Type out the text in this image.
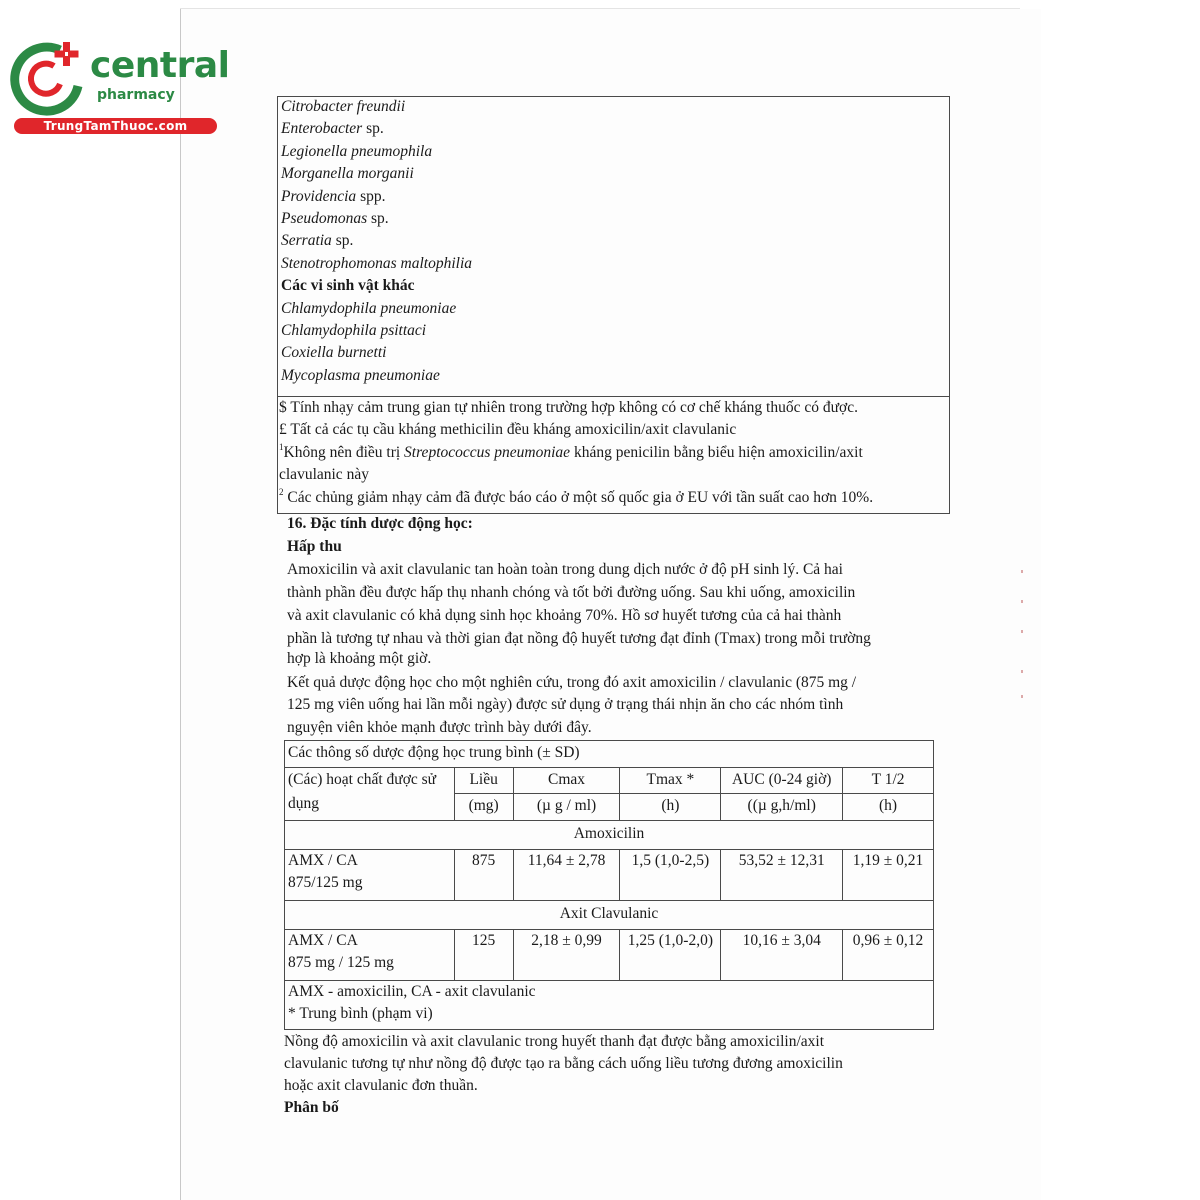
central
pharmacy
TrungTamThuoc.com
Citrobacter freundii
Enterobacter sp.
Legionella pneumophila
Morganella morganii
Providencia spp.
Pseudomonas sp.
Serratia sp.
Stenotrophomonas maltophilia
Các vi sinh vật khác
Chlamydophila pneumoniae
Chlamydophila psittaci
Coxiella burnetti
Mycoplasma pneumoniae
$ Tính nhạy cảm trung gian tự nhiên trong trường hợp không có cơ chế kháng thuốc có được.
£ Tất cả các tụ cầu kháng methicilin đều kháng amoxicilin/axit clavulanic
$^1$Không nên điều trị Streptococcus pneumoniae kháng penicilin bằng biểu hiện amoxicilin/axit
clavulanic này
$^2$ Các chủng giảm nhạy cảm đã được báo cáo ở một số quốc gia ở EU với tần suất cao hơn 10%.
16. Đặc tính dược động học:
Hấp thu
Amoxicilin và axit clavulanic tan hoàn toàn trong dung dịch nước ở độ pH sinh lý. Cả hai
thành phần đều được hấp thụ nhanh chóng và tốt bởi đường uống. Sau khi uống, amoxicilin
và axit clavulanic có khả dụng sinh học khoảng 70%. Hồ sơ huyết tương của cả hai thành
phần là tương tự nhau và thời gian đạt nồng độ huyết tương đạt đỉnh (Tmax) trong mỗi trường
hợp là khoảng một giờ.
Kết quả dược động học cho một nghiên cứu, trong đó axit amoxicilin / clavulanic (875 mg /
125 mg viên uống hai lần mỗi ngày) được sử dụng ở trạng thái nhịn ăn cho các nhóm tình
nguyện viên khỏe mạnh được trình bày dưới đây.
Các thông số dược động học trung bình (± SD)					
(Các) hoạt chất được sử dụng	Liều	Cmax	Tmax *	AUC (0-24 giờ)	T 1/2
	(mg)	(µ g / ml)	(h)	((µ g,h/ml)	(h)
Amoxicilin					

AMX / CA
875/125 mg	875	11,64 ± 2,78	1,5 (1,0-2,5)	53,52 ± 12,31	1,19 ± 0,21
Axit Clavulanic					

AMX / CA
875 mg / 125 mg	125	2,18 ± 0,99	1,25 (1,0-2,0)	10,16 ± 3,04	0,96 ± 0,12

AMX - amoxicilin, CA - axit clavulanic
* Trung bình (phạm vi)					
Nồng độ amoxicilin và axit clavulanic trong huyết thanh đạt được bằng amoxicilin/axit
clavulanic tương tự như nồng độ được tạo ra bằng cách uống liều tương đương amoxicilin
hoặc axit clavulanic đơn thuần.
Phân bố
